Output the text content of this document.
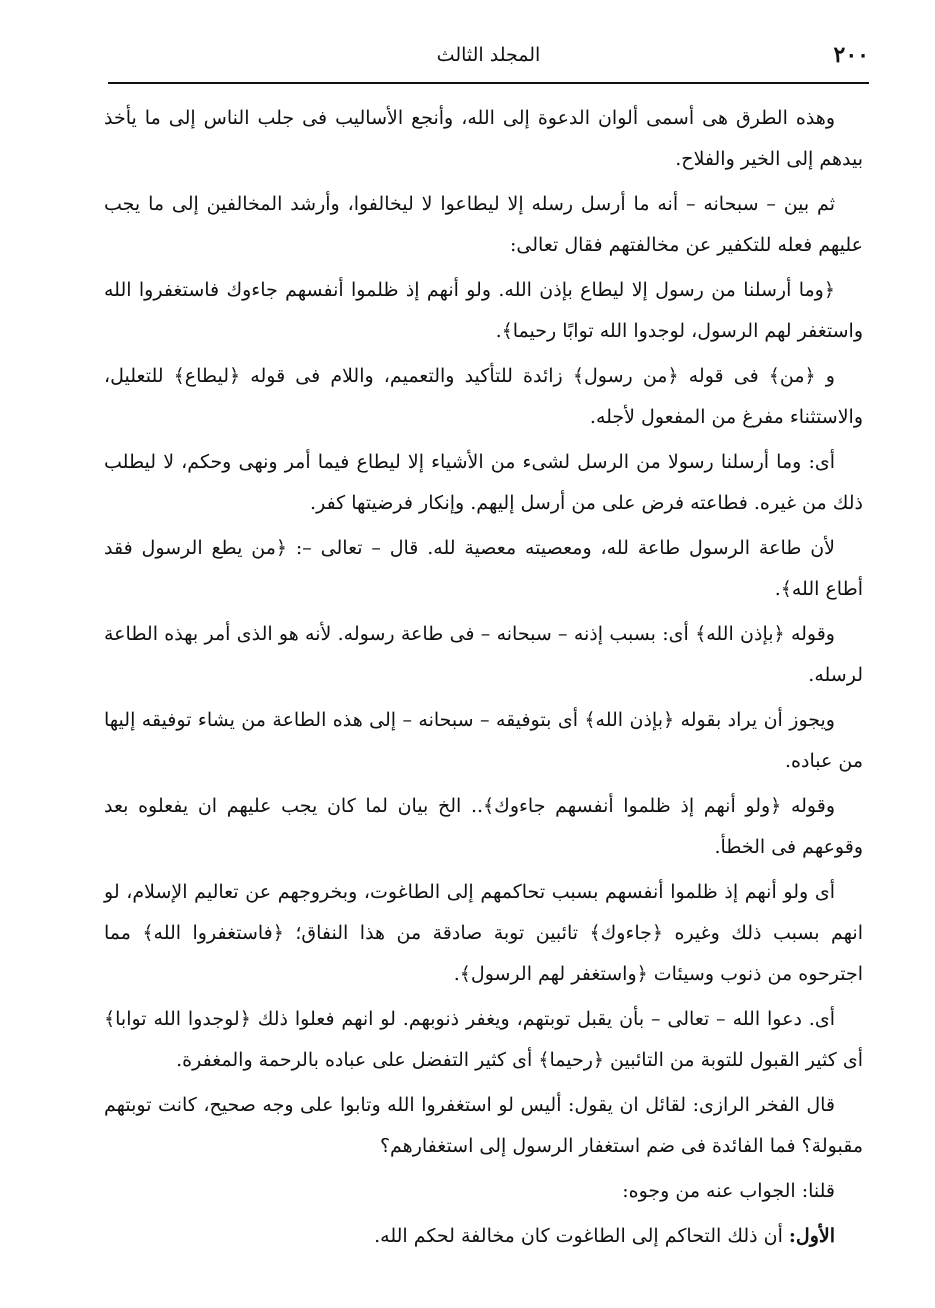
٢٠٠
المجلد الثالث

وهذه الطرق هى أسمى ألوان الدعوة إلى الله، وأنجع الأساليب فى جلب الناس إلى ما يأخذ بيدهم إلى الخير والفلاح.

ثم بين – سبحانه – أنه ما أرسل رسله إلا ليطاعوا لا ليخالفوا، وأرشد المخالفين إلى ما يجب عليهم فعله للتكفير عن مخالفتهم فقال تعالى:

﴿وما أرسلنا من رسول إلا ليطاع بإذن الله. ولو أنهم إذ ظلموا أنفسهم جاءوك فاستغفروا الله واستغفر لهم الرسول، لوجدوا الله توابًا رحيما﴾.

و ﴿من﴾ فى قوله ﴿من رسول﴾ زائدة للتأكيد والتعميم، واللام فى قوله ﴿ليطاع﴾ للتعليل، والاستثناء مفرغ من المفعول لأجله.

أى: وما أرسلنا رسولا من الرسل لشىء من الأشياء إلا ليطاع فيما أمر ونهى وحكم، لا ليطلب ذلك من غيره. فطاعته فرض على من أرسل إليهم. وإنكار فرضيتها كفر.

لأن طاعة الرسول طاعة لله، ومعصيته معصية لله. قال – تعالى –: ﴿من يطع الرسول فقد أطاع الله﴾.

وقوله ﴿بإذن الله﴾ أى: بسبب إذنه – سبحانه – فى طاعة رسوله. لأنه هو الذى أمر بهذه الطاعة لرسله.

ويجوز أن يراد بقوله ﴿بإذن الله﴾ أى بتوفيقه – سبحانه – إلى هذه الطاعة من يشاء توفيقه إليها من عباده.

وقوله ﴿ولو أنهم إذ ظلموا أنفسهم جاءوك﴾.. الخ بيان لما كان يجب عليهم ان يفعلوه بعد وقوعهم فى الخطأ.

أى ولو أنهم إذ ظلموا أنفسهم بسبب تحاكمهم إلى الطاغوت، وبخروجهم عن تعاليم الإسلام، لو انهم بسبب ذلك وغيره ﴿جاءوك﴾ تائبين توبة صادقة من هذا النفاق؛ ﴿فاستغفروا الله﴾ مما اجترحوه من ذنوب وسيئات ﴿واستغفر لهم الرسول﴾.

أى. دعوا الله – تعالى – بأن يقبل توبتهم، ويغفر ذنوبهم. لو انهم فعلوا ذلك ﴿لوجدوا الله توابا﴾ أى كثير القبول للتوبة من التائبين ﴿رحيما﴾ أى كثير التفضل على عباده بالرحمة والمغفرة.

قال الفخر الرازى: لقائل ان يقول: أليس لو استغفروا الله وتابوا على وجه صحيح، كانت توبتهم مقبولة؟ فما الفائدة فى ضم استغفار الرسول إلى استغفارهم؟

قلنا: الجواب عنه من وجوه:

الأول: أن ذلك التحاكم إلى الطاغوت كان مخالفة لحكم الله.
